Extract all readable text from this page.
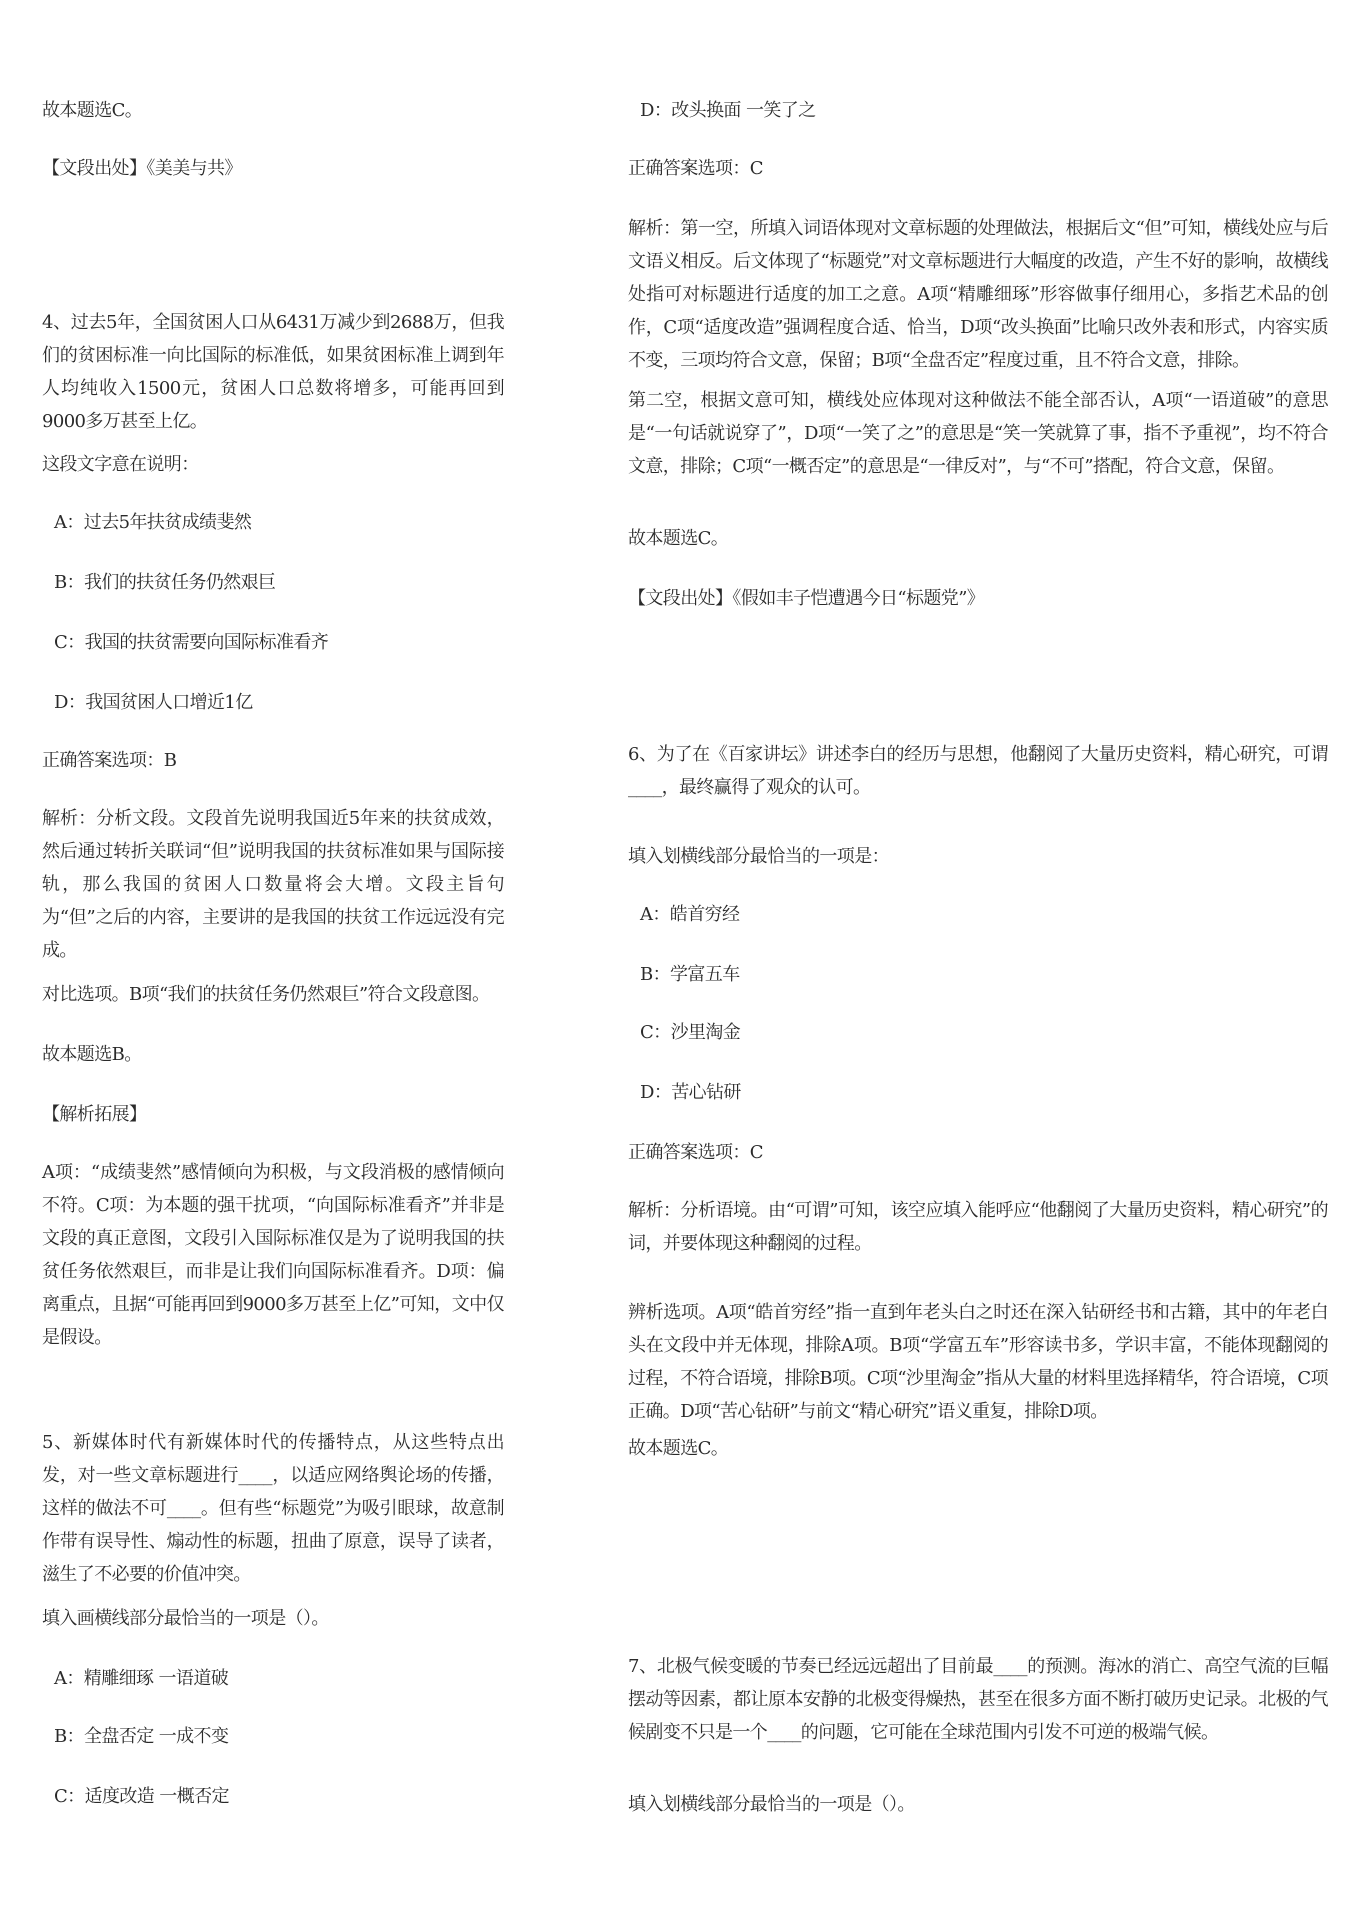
故本题选C。

【文段出处】《美美与共》

4、过去5年，全国贫困人口从6431万减少到2688万，但我们的贫困标准一向比国际的标准低，如果贫困标准上调到年人均纯收入1500元，贫困人口总数将增多，可能再回到9000多万甚至上亿。

这段文字意在说明：

A：过去5年扶贫成绩斐然

B：我们的扶贫任务仍然艰巨

C：我国的扶贫需要向国际标准看齐

D：我国贫困人口增近1亿

正确答案选项：B

解析：分析文段。文段首先说明我国近5年来的扶贫成效，然后通过转折关联词“但”说明我国的扶贫标准如果与国际接轨，那么我国的贫困人口数量将会大增。文段主旨句为“但”之后的内容，主要讲的是我国的扶贫工作远远没有完成。

对比选项。B项“我们的扶贫任务仍然艰巨”符合文段意图。

故本题选B。

【解析拓展】

A项：“成绩斐然”感情倾向为积极，与文段消极的感情倾向不符。C项：为本题的强干扰项，“向国际标准看齐”并非是文段的真正意图，文段引入国际标准仅是为了说明我国的扶贫任务依然艰巨，而非是让我们向国际标准看齐。D项：偏离重点，且据“可能再回到9000多万甚至上亿”可知，文中仅是假设。

5、新媒体时代有新媒体时代的传播特点，从这些特点出发，对一些文章标题进行____，以适应网络舆论场的传播，这样的做法不可____。但有些“标题党”为吸引眼球，故意制作带有误导性、煽动性的标题，扭曲了原意，误导了读者，滋生了不必要的价值冲突。

填入画横线部分最恰当的一项是（）。

A：精雕细琢 一语道破

B：全盘否定 一成不变

C：适度改造 一概否定

D：改头换面 一笑了之

正确答案选项：C

解析：第一空，所填入词语体现对文章标题的处理做法，根据后文“但”可知，横线处应与后文语义相反。后文体现了“标题党”对文章标题进行大幅度的改造，产生不好的影响，故横线处指可对标题进行适度的加工之意。A项“精雕细琢”形容做事仔细用心，多指艺术品的创作，C项“适度改造”强调程度合适、恰当，D项“改头换面”比喻只改外表和形式，内容实质不变，三项均符合文意，保留；B项“全盘否定”程度过重，且不符合文意，排除。

第二空，根据文意可知，横线处应体现对这种做法不能全部否认，A项“一语道破”的意思是“一句话就说穿了”，D项“一笑了之”的意思是“笑一笑就算了事，指不予重视”，均不符合文意，排除；C项“一概否定”的意思是“一律反对”，与“不可”搭配，符合文意，保留。

故本题选C。

【文段出处】《假如丰子恺遭遇今日“标题党”》

6、为了在《百家讲坛》讲述李白的经历与思想，他翻阅了大量历史资料，精心研究，可谓____，最终赢得了观众的认可。

填入划横线部分最恰当的一项是：

A：皓首穷经

B：学富五车

C：沙里淘金

D：苦心钻研

正确答案选项：C

解析：分析语境。由“可谓”可知，该空应填入能呼应“他翻阅了大量历史资料，精心研究”的词，并要体现这种翻阅的过程。

辨析选项。A项“皓首穷经”指一直到年老头白之时还在深入钻研经书和古籍，其中的年老白头在文段中并无体现，排除A项。B项“学富五车”形容读书多，学识丰富，不能体现翻阅的过程，不符合语境，排除B项。C项“沙里淘金”指从大量的材料里选择精华，符合语境，C项正确。D项“苦心钻研”与前文“精心研究”语义重复，排除D项。

故本题选C。

7、北极气候变暖的节奏已经远远超出了目前最____的预测。海冰的消亡、高空气流的巨幅摆动等因素，都让原本安静的北极变得燥热，甚至在很多方面不断打破历史记录。北极的气候剧变不只是一个____的问题，它可能在全球范围内引发不可逆的极端气候。

填入划横线部分最恰当的一项是（）。
